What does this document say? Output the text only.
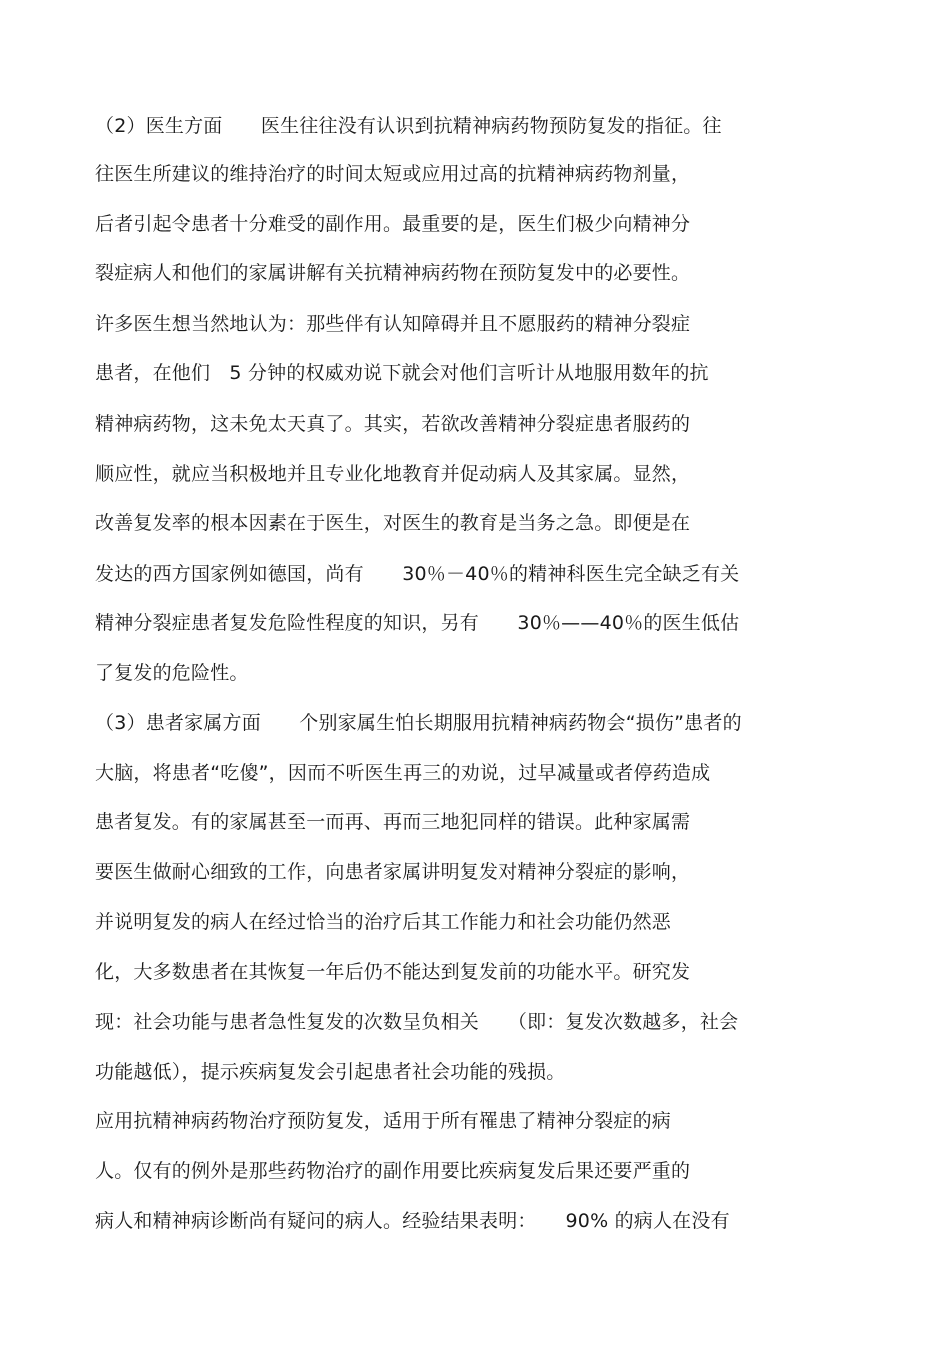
（2）医生方面　　医生往往没有认识到抗精神病药物预防复发的指征。往
往医生所建议的维持治疗的时间太短或应用过高的抗精神病药物剂量，
后者引起令患者十分难受的副作用。最重要的是，医生们极少向精神分
裂症病人和他们的家属讲解有关抗精神病药物在预防复发中的必要性。
许多医生想当然地认为：那些伴有认知障碍并且不愿服药的精神分裂症
患者，在他们　5 分钟的权威劝说下就会对他们言听计从地服用数年的抗
精神病药物，这未免太天真了。其实，若欲改善精神分裂症患者服药的
顺应性，就应当积极地并且专业化地教育并促动病人及其家属。显然，
改善复发率的根本因素在于医生，对医生的教育是当务之急。即便是在
发达的西方国家例如德国，尚有　　30％－40％的精神科医生完全缺乏有关
精神分裂症患者复发危险性程度的知识，另有　　30％——40％的医生低估
了复发的危险性。
（3）患者家属方面　　个别家属生怕长期服用抗精神病药物会“损伤”患者的
大脑，将患者“吃傻”，因而不听医生再三的劝说，过早减量或者停药造成
患者复发。有的家属甚至一而再、再而三地犯同样的错误。此种家属需
要医生做耐心细致的工作，向患者家属讲明复发对精神分裂症的影响，
并说明复发的病人在经过恰当的治疗后其工作能力和社会功能仍然恶
化，大多数患者在其恢复一年后仍不能达到复发前的功能水平。研究发
现：社会功能与患者急性复发的次数呈负相关　　（即：复发次数越多，社会
功能越低），提示疾病复发会引起患者社会功能的残损。
应用抗精神病药物治疗预防复发，适用于所有罹患了精神分裂症的病
人。仅有的例外是那些药物治疗的副作用要比疾病复发后果还要严重的
病人和精神病诊断尚有疑问的病人。经验结果表明：　　90% 的病人在没有
